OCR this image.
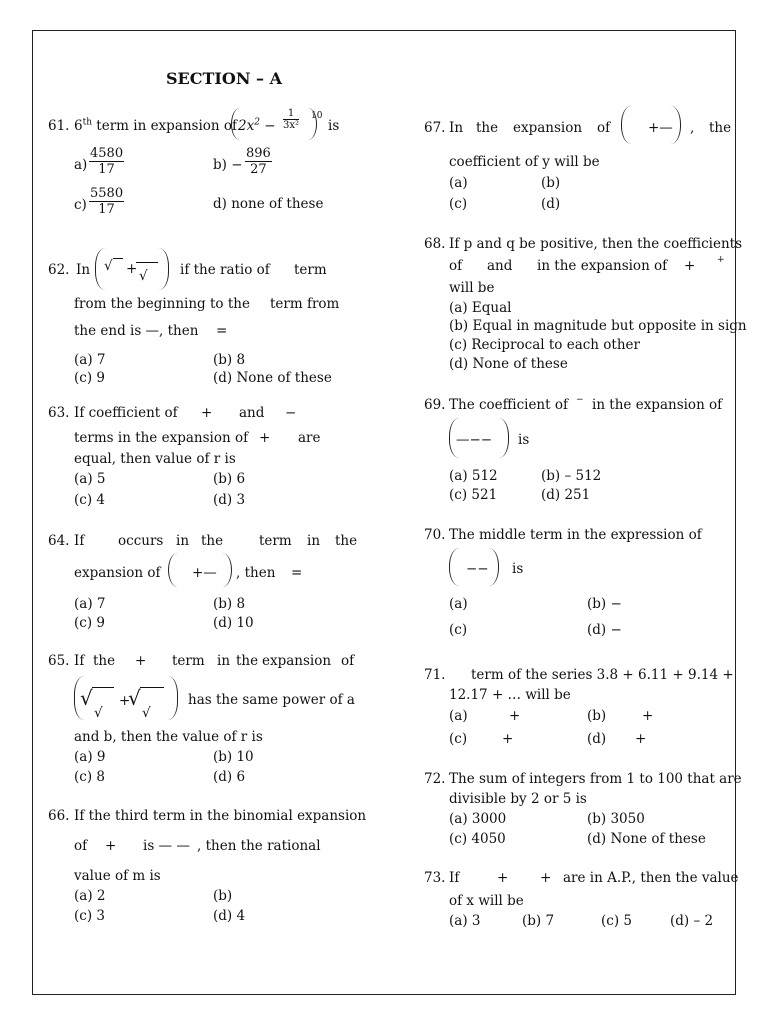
SECTION – A
61. 6th term in expansion of $2x^2 - \frac{1}{\text{3x²}} 10$
is
$a) \frac{4580}{17}$	$b) - \frac{896}{27}$
$c) \frac{5580}{17}$	d) none of these
62. In √ + √ if the ratio of term
from the beginning to the term from
the end is —, then =
(a) 7	(b) 8
(c) 9	(d) None of these
63. If coefficient of + and −
terms in the expansion of + are
equal, then value of r is
(a) 5	(b) 6
(c) 4	(d) 3
64. If occurs in the	term in the
expansion of +— , then =
(a) 7	(b) 8
(c) 9	(d) 10
65. If the + term in the expansion of
√
√
+
√
√
has the same power of a
and b, then the value of r is
(a) 9	(b) 10
(c) 8	(d) 6
66. If the third term in the binomial expansion
of + is — — , then the rational
value of m is
(a) 2	(b)
(c) 3	(d) 4
67. In the expansion of	+— , the
coefficient of y will be
(a)	(b)
(c)	(d)
68. If p and q be positive, then the coefficients
of and in the expansion of + +
will be
(a) Equal
(b) Equal in magnitude but opposite in sign
(c) Reciprocal to each other
(d) None of these
69. The coefficient of − in the expansion of
—−− is
(a) 512	(b) – 512
(c) 521	(d) 251
70. The middle term in the expression of
−− is
(a)	(b) −
(c)	(d) −
71. term of the series 3.8 + 6.11 + 9.14 +
12.17 + … will be
(a)	+	(b)	+
(c)	+	(d) +
72. The sum of integers from 1 to 100 that are
divisible by 2 or 5 is
(a) 3000	(b) 3050
(c) 4050	(d) None of these
73. If	+ + are in A.P., then the value
of x will be
(a) 3	(b) 7	(c) 5	(d) – 2
